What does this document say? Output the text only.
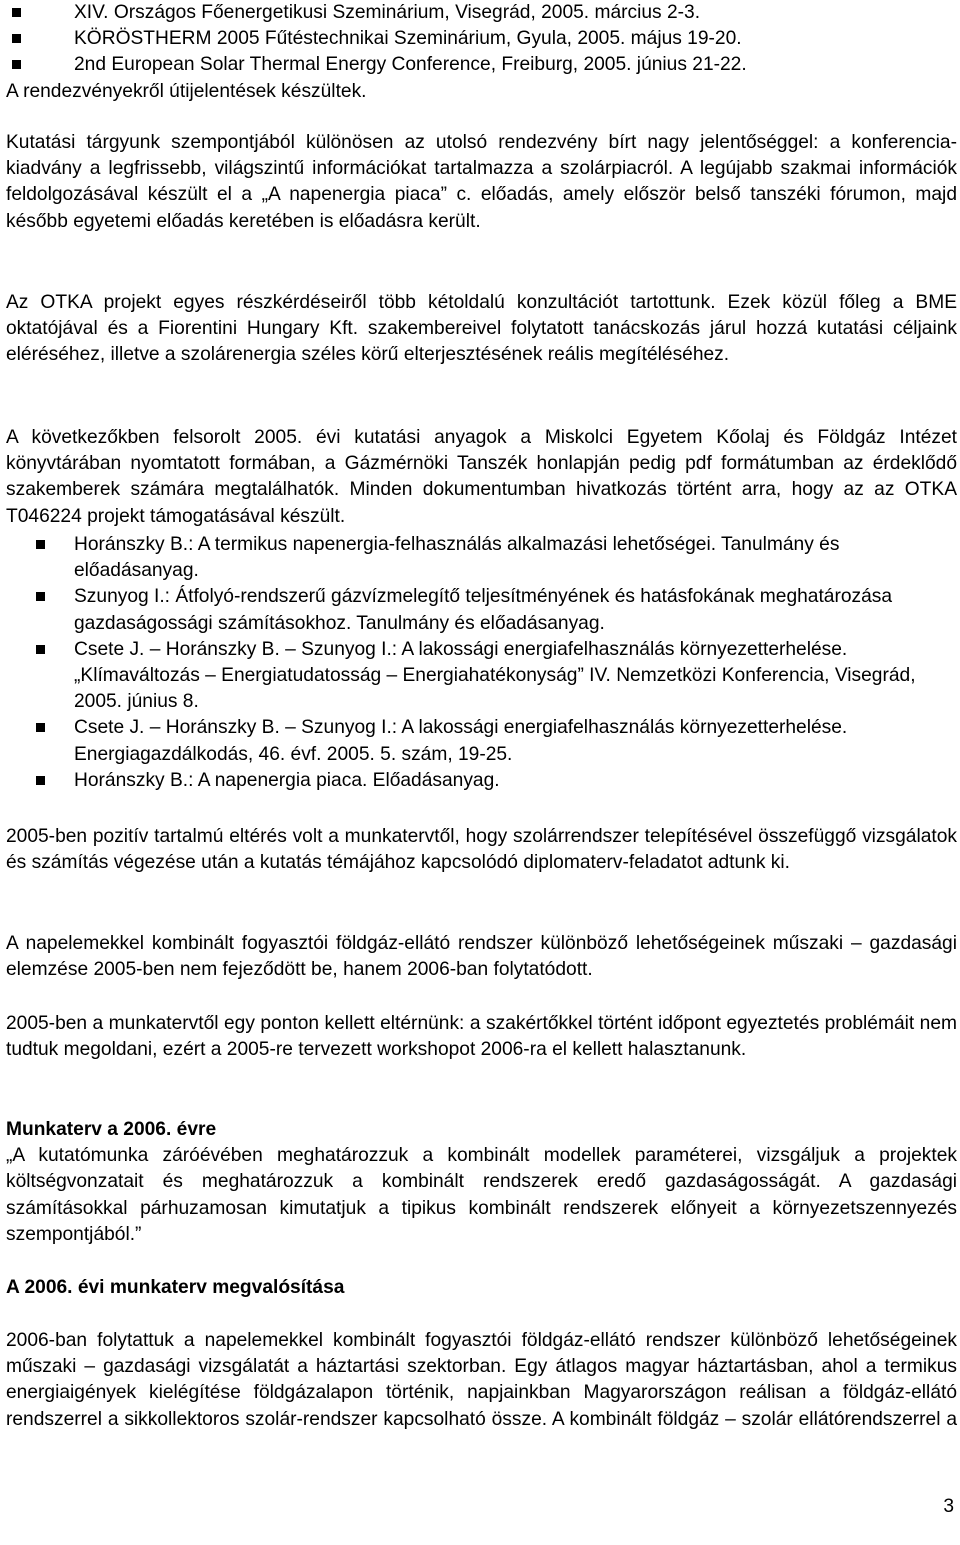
XIV. Országos Főenergetikusi Szeminárium, Visegrád, 2005. március 2-3.
KÖRÖSTHERM 2005 Fűtéstechnikai Szeminárium, Gyula, 2005. május 19-20.
2nd European Solar Thermal Energy Conference, Freiburg, 2005. június 21-22.

A rendezvényekről útijelentések készültek.

Kutatási tárgyunk szempontjából különösen az utolsó rendezvény bírt nagy jelentőséggel: a konferencia-kiadvány a legfrissebb, világszintű információkat tartalmazza a szolárpiacról. A legújabb szakmai információk feldolgozásával készült el a „A napenergia piaca” c. előadás, amely először belső tanszéki fórumon, majd később egyetemi előadás keretében is előadásra került.

Az OTKA projekt egyes részkérdéseiről több kétoldalú konzultációt tartottunk. Ezek közül főleg a BME oktatójával és a Fiorentini Hungary Kft. szakembereivel folytatott tanácskozás járul hozzá kutatási céljaink eléréséhez, illetve a szolárenergia széles körű elterjesztésének reális megítéléséhez.

A következőkben felsorolt 2005. évi kutatási anyagok a Miskolci Egyetem Kőolaj és Földgáz Intézet könyvtárában nyomtatott formában, a Gázmérnöki Tanszék honlapján pedig pdf formátumban az érdeklődő szakemberek számára megtalálhatók. Minden dokumentumban hivatkozás történt arra, hogy az az OTKA T046224 projekt támogatásával készült.

Horánszky B.: A termikus napenergia-felhasználás alkalmazási lehetőségei. Tanulmány és előadásanyag.
Szunyog I.: Átfolyó-rendszerű gázvízmelegítő teljesítményének és hatásfokának meghatározása gazdaságossági számításokhoz. Tanulmány és előadásanyag.
Csete J. – Horánszky B. – Szunyog I.: A lakossági energiafelhasználás környezetterhelése. „Klímaváltozás – Energiatudatosság – Energiahatékonyság” IV. Nemzetközi Konferencia, Visegrád, 2005. június 8.
Csete J. – Horánszky B. – Szunyog I.: A lakossági energiafelhasználás környezetterhelése. Energiagazdálkodás, 46. évf. 2005. 5. szám, 19-25.
Horánszky B.: A napenergia piaca. Előadásanyag.

2005-ben pozitív tartalmú eltérés volt a munkatervtől, hogy szolárrendszer telepítésével összefüggő vizsgálatok és számítás végezése után a kutatás témájához kapcsolódó diplomaterv-feladatot adtunk ki.

A napelemekkel kombinált fogyasztói földgáz-ellátó rendszer különböző lehetőségeinek műszaki – gazdasági elemzése 2005-ben nem fejeződött be, hanem 2006-ban folytatódott.

2005-ben a munkatervtől egy ponton kellett eltérnünk: a szakértőkkel történt időpont egyeztetés problémáit nem tudtuk megoldani, ezért a 2005-re tervezett workshopot 2006-ra el kellett halasztanunk.

Munkaterv a 2006. évre

„A kutatómunka záróévében meghatározzuk a kombinált modellek paraméterei, vizsgáljuk a projektek költségvonzatait és meghatározzuk a kombinált rendszerek eredő gazdaságosságát. A gazdasági számításokkal párhuzamosan kimutatjuk a tipikus kombinált rendszerek előnyeit a környezetszennyezés szempontjából.”

A 2006. évi munkaterv megvalósítása

2006-ban folytattuk a napelemekkel kombinált fogyasztói földgáz-ellátó rendszer különböző lehetőségeinek műszaki – gazdasági vizsgálatát a háztartási szektorban. Egy átlagos magyar háztartásban, ahol a termikus energiaigények kielégítése földgázalapon történik, napjainkban Magyarországon reálisan a földgáz-ellátó rendszerrel a sikkollektoros szolár-rendszer kapcsolható össze. A kombinált földgáz – szolár ellátórendszerrel a

3
